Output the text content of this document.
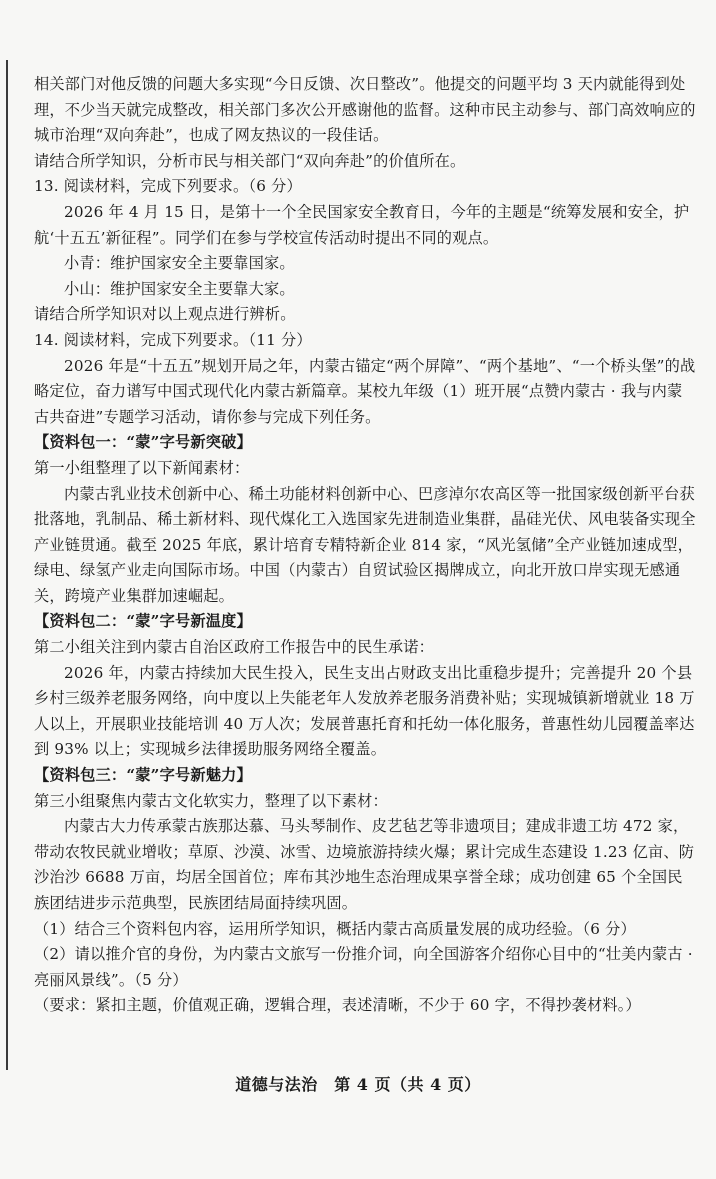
相关部门对他反馈的问题大多实现“今日反馈、次日整改”。他提交的问题平均 3 天内就能得到处理，不少当天就完成整改，相关部门多次公开感谢他的监督。这种市民主动参与、部门高效响应的城市治理“双向奔赴”，也成了网友热议的一段佳话。

请结合所学知识，分析市民与相关部门“双向奔赴”的价值所在。

13. 阅读材料，完成下列要求。（6 分）

2026 年 4 月 15 日，是第十一个全民国家安全教育日，今年的主题是“统筹发展和安全，护航‘十五五’新征程”。同学们在参与学校宣传活动时提出不同的观点。

小青：维护国家安全主要靠国家。

小山：维护国家安全主要靠大家。

请结合所学知识对以上观点进行辨析。

14. 阅读材料，完成下列要求。（11 分）

2026 年是“十五五”规划开局之年，内蒙古锚定“两个屏障”、“两个基地”、“一个桥头堡”的战略定位，奋力谱写中国式现代化内蒙古新篇章。某校九年级（1）班开展“点赞内蒙古 · 我与内蒙古共奋进”专题学习活动，请你参与完成下列任务。

【资料包一：“蒙”字号新突破】

第一小组整理了以下新闻素材：

内蒙古乳业技术创新中心、稀土功能材料创新中心、巴彦淖尔农高区等一批国家级创新平台获批落地，乳制品、稀土新材料、现代煤化工入选国家先进制造业集群，晶硅光伏、风电装备实现全产业链贯通。截至 2025 年底，累计培育专精特新企业 814 家，“风光氢储”全产业链加速成型，绿电、绿氢产业走向国际市场。中国（内蒙古）自贸试验区揭牌成立，向北开放口岸实现无感通关，跨境产业集群加速崛起。

【资料包二：“蒙”字号新温度】

第二小组关注到内蒙古自治区政府工作报告中的民生承诺：

2026 年，内蒙古持续加大民生投入，民生支出占财政支出比重稳步提升；完善提升 20 个县乡村三级养老服务网络，向中度以上失能老年人发放养老服务消费补贴；实现城镇新增就业 18 万人以上，开展职业技能培训 40 万人次；发展普惠托育和托幼一体化服务，普惠性幼儿园覆盖率达到 93% 以上；实现城乡法律援助服务网络全覆盖。

【资料包三：“蒙”字号新魅力】

第三小组聚焦内蒙古文化软实力，整理了以下素材：

内蒙古大力传承蒙古族那达慕、马头琴制作、皮艺毡艺等非遗项目；建成非遗工坊 472 家，带动农牧民就业增收；草原、沙漠、冰雪、边境旅游持续火爆；累计完成生态建设 1.23 亿亩、防沙治沙 6688 万亩，均居全国首位；库布其沙地生态治理成果享誉全球；成功创建 65 个全国民族团结进步示范典型，民族团结局面持续巩固。

（1）结合三个资料包内容，运用所学知识，概括内蒙古高质量发展的成功经验。（6 分）

（2）请以推介官的身份，为内蒙古文旅写一份推介词，向全国游客介绍你心目中的“壮美内蒙古 · 亮丽风景线”。（5 分）

（要求：紧扣主题，价值观正确，逻辑合理，表述清晰，不少于 60 字，不得抄袭材料。）

道德与法治　第 4 页（共 4 页）
